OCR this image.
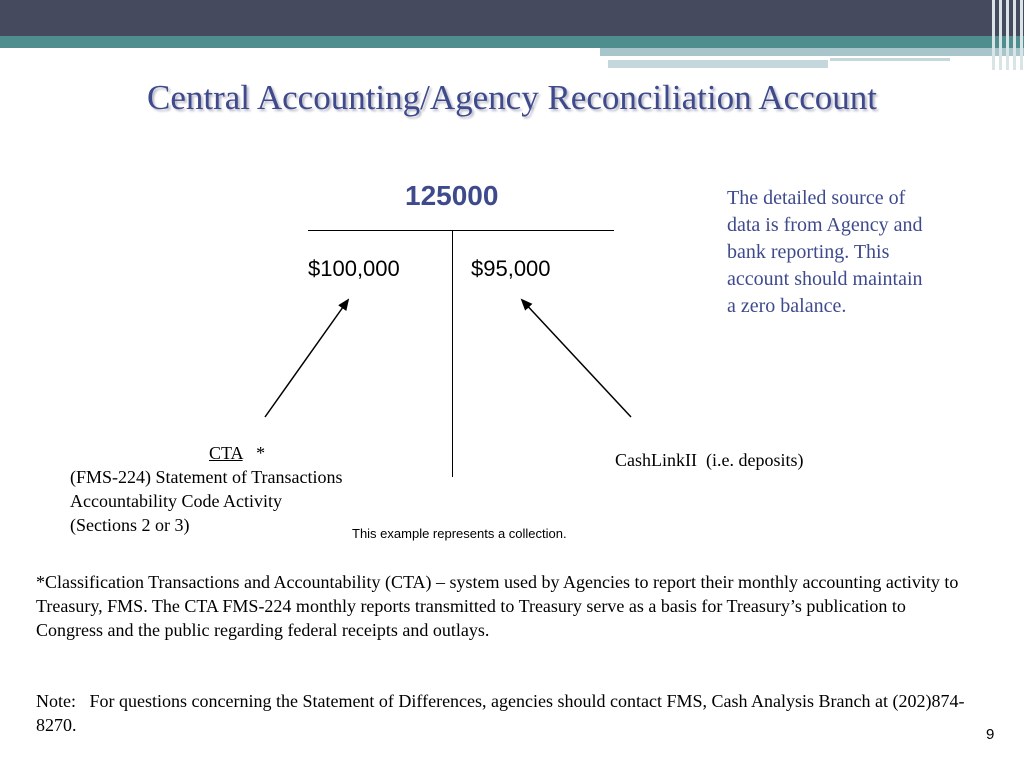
Central Accounting/Agency Reconciliation Account
125000
$100,000	$95,000
The detailed source of data is from Agency and bank reporting. This account should maintain a zero balance.
CTA *
(FMS-224) Statement of Transactions
Accountability Code Activity
(Sections 2 or 3)
CashLinkII  (i.e. deposits)
This example represents a collection.
*Classification Transactions and Accountability (CTA) – system used by Agencies to report their monthly accounting activity to Treasury, FMS. The CTA FMS-224 monthly reports transmitted to Treasury serve as a basis for Treasury’s publication to Congress and the public regarding federal receipts and outlays.
Note:   For questions concerning the Statement of Differences, agencies should contact FMS, Cash Analysis Branch at (202)874-8270.	9
